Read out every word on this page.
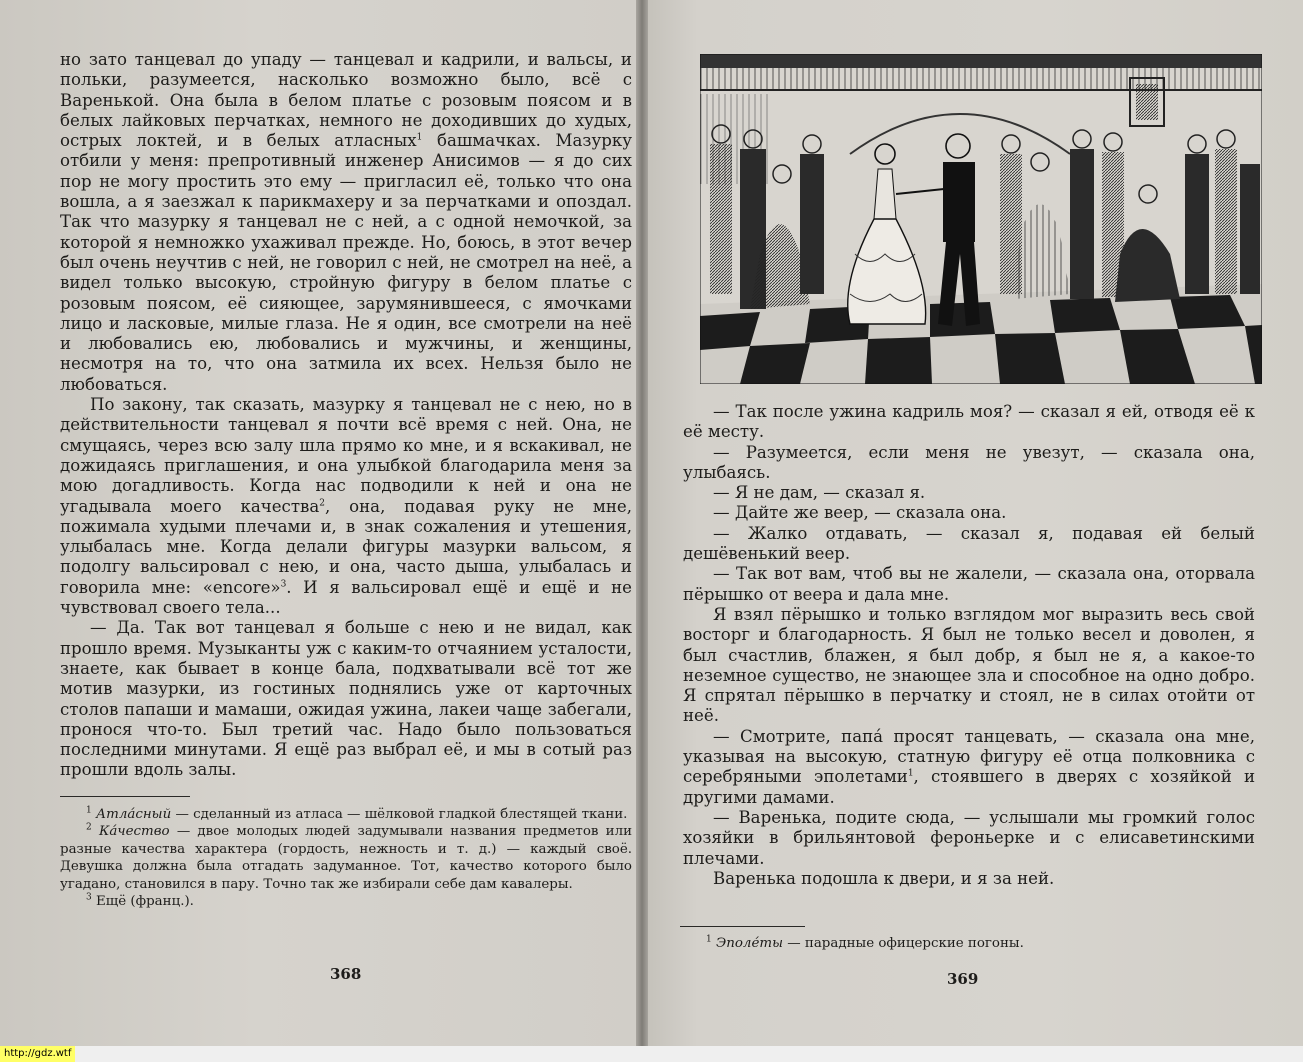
но зато танцевал до упаду — танцевал и кадрили, и вальсы, и польки, разумеется, насколько возможно было, всё с Варенькой. Она была в белом платье с розовым поясом и в белых лайковых перчатках, немного не доходивших до худых, острых локтей, и в белых атласных$^1$ башмачках. Мазурку отбили у меня: препротивный инженер Анисимов — я до сих пор не могу простить это ему — пригласил её, только что она вошла, а я заезжал к парикмахеру и за перчатками и опоздал. Так что мазурку я танцевал не с ней, а с одной немочкой, за которой я немножко ухаживал прежде. Но, боюсь, в этот вечер был очень неучтив с ней, не говорил с ней, не смотрел на неё, а видел только высокую, стройную фигуру в белом платье с розовым поясом, её сияющее, зарумянившееся, с ямочками лицо и ласковые, милые глаза. Не я один, все смотрели на неё и любовались ею, любовались и мужчины, и женщины, несмотря на то, что она затмила их всех. Нельзя было не любоваться.

По закону, так сказать, мазурку я танцевал не с нею, но в действительности танцевал я почти всё время с ней. Она, не смущаясь, через всю залу шла прямо ко мне, и я вскакивал, не дожидаясь приглашения, и она улыбкой благодарила меня за мою догадливость. Когда нас подводили к ней и она не угадывала моего качества$^2$, она, подавая руку не мне, пожимала худыми плечами и, в знак сожаления и утешения, улыбалась мне. Когда делали фигуры мазурки вальсом, я подолгу вальсировал с нею, и она, часто дыша, улыбалась и говорила мне: «encore»$^3$. И я вальсировал ещё и ещё и не чувствовал своего тела...

— Да. Так вот танцевал я больше с нею и не видал, как прошло время. Музыканты уж с каким-то отчаянием усталости, знаете, как бывает в конце бала, подхватывали всё тот же мотив мазурки, из гостиных поднялись уже от карточных столов папаши и мамаши, ожидая ужина, лакеи чаще забегали, пронося что-то. Был третий час. Надо было пользоваться последними минутами. Я ещё раз выбрал её, и мы в сотый раз прошли вдоль залы.

$^1$ Атла́сный — сделанный из атласа — шёлковой гладкой блестящей ткани.

$^2$ Ка́чество — двое молодых людей задумывали названия предметов или разные качества характера (гордость, нежность и т. д.) — каждый своё. Девушка должна была отгадать задуманное. Тот, качество которого было угадано, становился в пару. Точно так же избирали себе дам кавалеры.

$^3$ Ещё (франц.).

368

— Так после ужина кадриль моя? — сказал я ей, отводя её к её месту.

— Разумеется, если меня не увезут, — сказала она, улыбаясь.

— Я не дам, — сказал я.

— Дайте же веер, — сказала она.

— Жалко отдавать, — сказал я, подавая ей белый дешёвенький веер.

— Так вот вам, чтоб вы не жалели, — сказала она, оторвала пёрышко от веера и дала мне.

Я взял пёрышко и только взглядом мог выразить весь свой восторг и благодарность. Я был не только весел и доволен, я был счастлив, блажен, я был добр, я был не я, а какое-то неземное существо, не знающее зла и способное на одно добро. Я спрятал пёрышко в перчатку и стоял, не в силах отойти от неё.

— Смотрите, папа́ просят танцевать, — сказала она мне, указывая на высокую, статную фигуру её отца полковника с серебряными эполетами$^1$, стоявшего в дверях с хозяйкой и другими дамами.

— Варенька, подите сюда, — услышали мы громкий голос хозяйки в брильянтовой фероньерке и с елисаветинскими плечами.

Варенька подошла к двери, и я за ней.

$^1$ Эполе́ты — парадные офицерские погоны.

369
http://gdz.wtf
